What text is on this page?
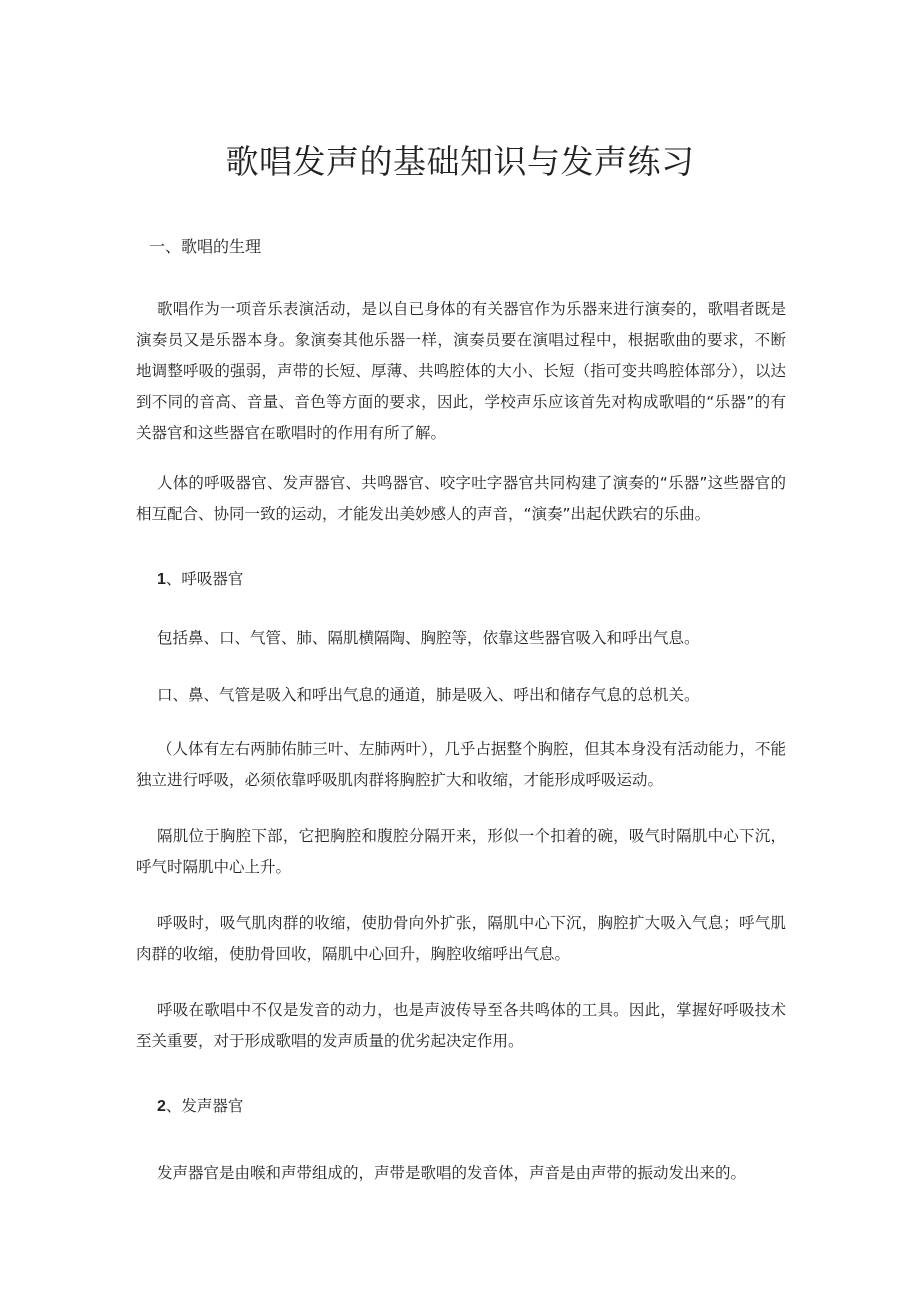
歌唱发声的基础知识与发声练习
一、歌唱的生理

歌唱作为一项音乐表演活动，是以自已身体的有关器官作为乐器来进行演奏的，歌唱者既是演奏员又是乐器本身。象演奏其他乐器一样，演奏员要在演唱过程中，根据歌曲的要求，不断地调整呼吸的强弱，声带的长短、厚薄、共鸣腔体的大小、长短（指可变共鸣腔体部分），以达到不同的音高、音量、音色等方面的要求，因此，学校声乐应该首先对构成歌唱的“乐器”的有关器官和这些器官在歌唱时的作用有所了解。

人体的呼吸器官、发声器官、共鸣器官、咬字吐字器官共同构建了演奏的“乐器”这些器官的相互配合、协同一致的运动，才能发出美妙感人的声音，“演奏”出起伏跌宕的乐曲。

1、呼吸器官

包括鼻、口、气管、肺、隔肌横隔陶、胸腔等，依靠这些器官吸入和呼出气息。

口、鼻、气管是吸入和呼出气息的通道，肺是吸入、呼出和储存气息的总机关。

（人体有左右两肺佑肺三叶、左肺两叶），几乎占据整个胸腔，但其本身没有活动能力，不能独立进行呼吸，必须依靠呼吸肌肉群将胸腔扩大和收缩，才能形成呼吸运动。

隔肌位于胸腔下部，它把胸腔和腹腔分隔开来，形似一个扣着的碗，吸气时隔肌中心下沉，呼气时隔肌中心上升。

呼吸时，吸气肌肉群的收缩，使肋骨向外扩张，隔肌中心下沉，胸腔扩大吸入气息；呼气肌肉群的收缩，使肋骨回收，隔肌中心回升，胸腔收缩呼出气息。

呼吸在歌唱中不仅是发音的动力，也是声波传导至各共鸣体的工具。因此，掌握好呼吸技术至关重要，对于形成歌唱的发声质量的优劣起决定作用。

2、发声器官

发声器官是由喉和声带组成的，声带是歌唱的发音体，声音是由声带的振动发出来的。
